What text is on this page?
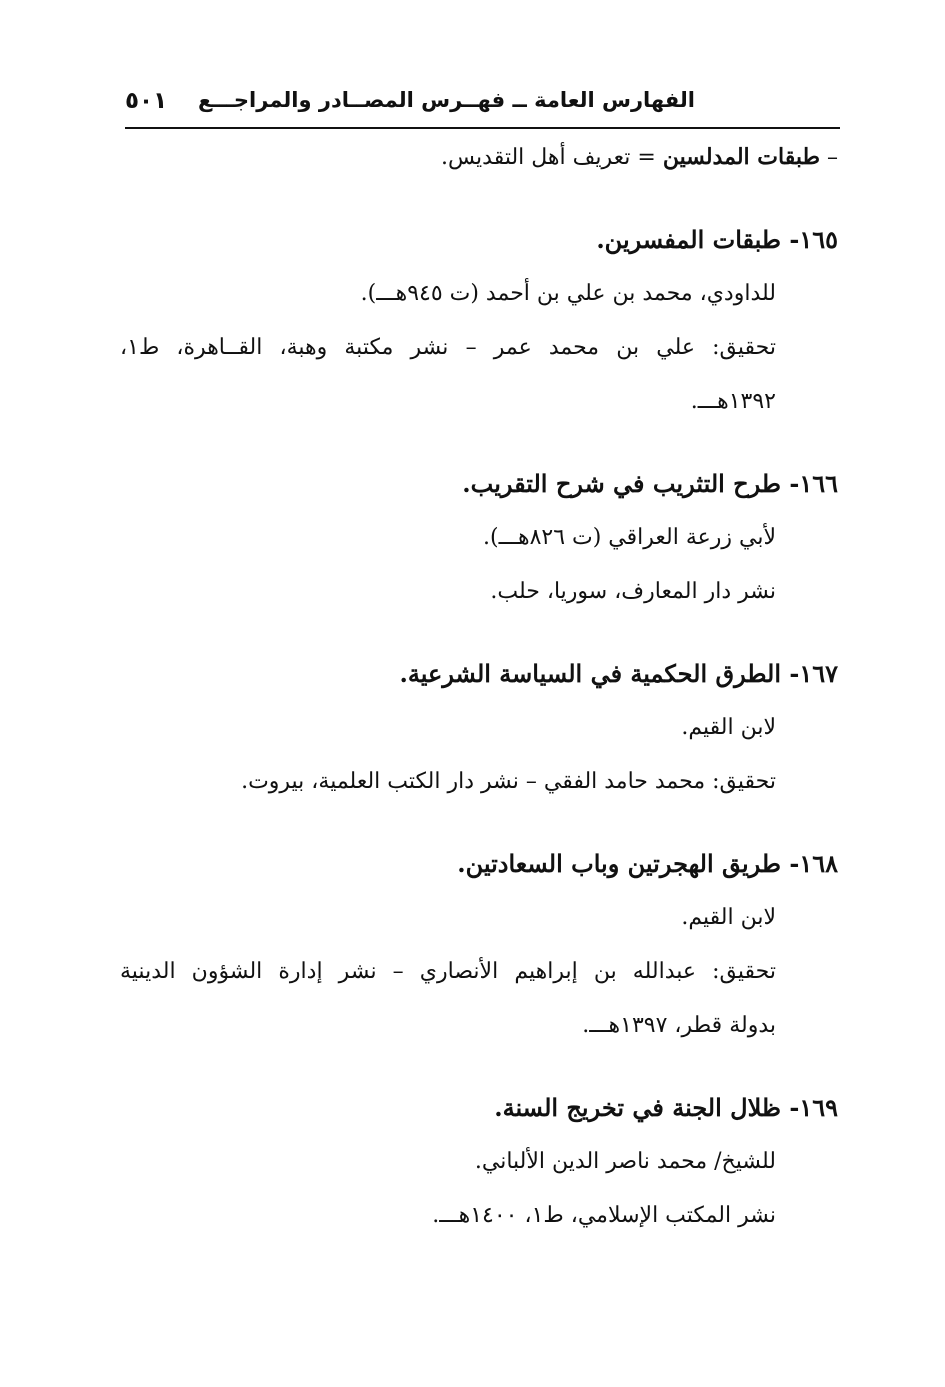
الفهارس العامة ــ فهــرس المصــادر والمراجـــع
٥٠١
– طبقات المدلسين = تعريف أهل التقديس.
١٦٥- طبقات المفسرين.
للداودي، محمد بن علي بن أحمد (ت ٩٤٥هـــ).
تحقيق: علي بن محمد عمر – نشر مكتبة وهبة، القــاهرة، ط١،
١٣٩٢هـــ.
١٦٦- طرح التثريب في شرح التقريب.
لأبي زرعة العراقي (ت ٨٢٦هـــ).
نشر دار المعارف، سوريا، حلب.
١٦٧- الطرق الحكمية في السياسة الشرعية.
لابن القيم.
تحقيق: محمد حامد الفقي – نشر دار الكتب العلمية، بيروت.
١٦٨- طريق الهجرتين وباب السعادتين.
لابن القيم.
تحقيق: عبدالله بن إبراهيم الأنصاري – نشر إدارة الشؤون الدينية
بدولة قطر، ١٣٩٧هـــ.
١٦٩- ظلال الجنة في تخريج السنة.
للشيخ/ محمد ناصر الدين الألباني.
نشر المكتب الإسلامي، ط١، ١٤٠٠هـــ.
